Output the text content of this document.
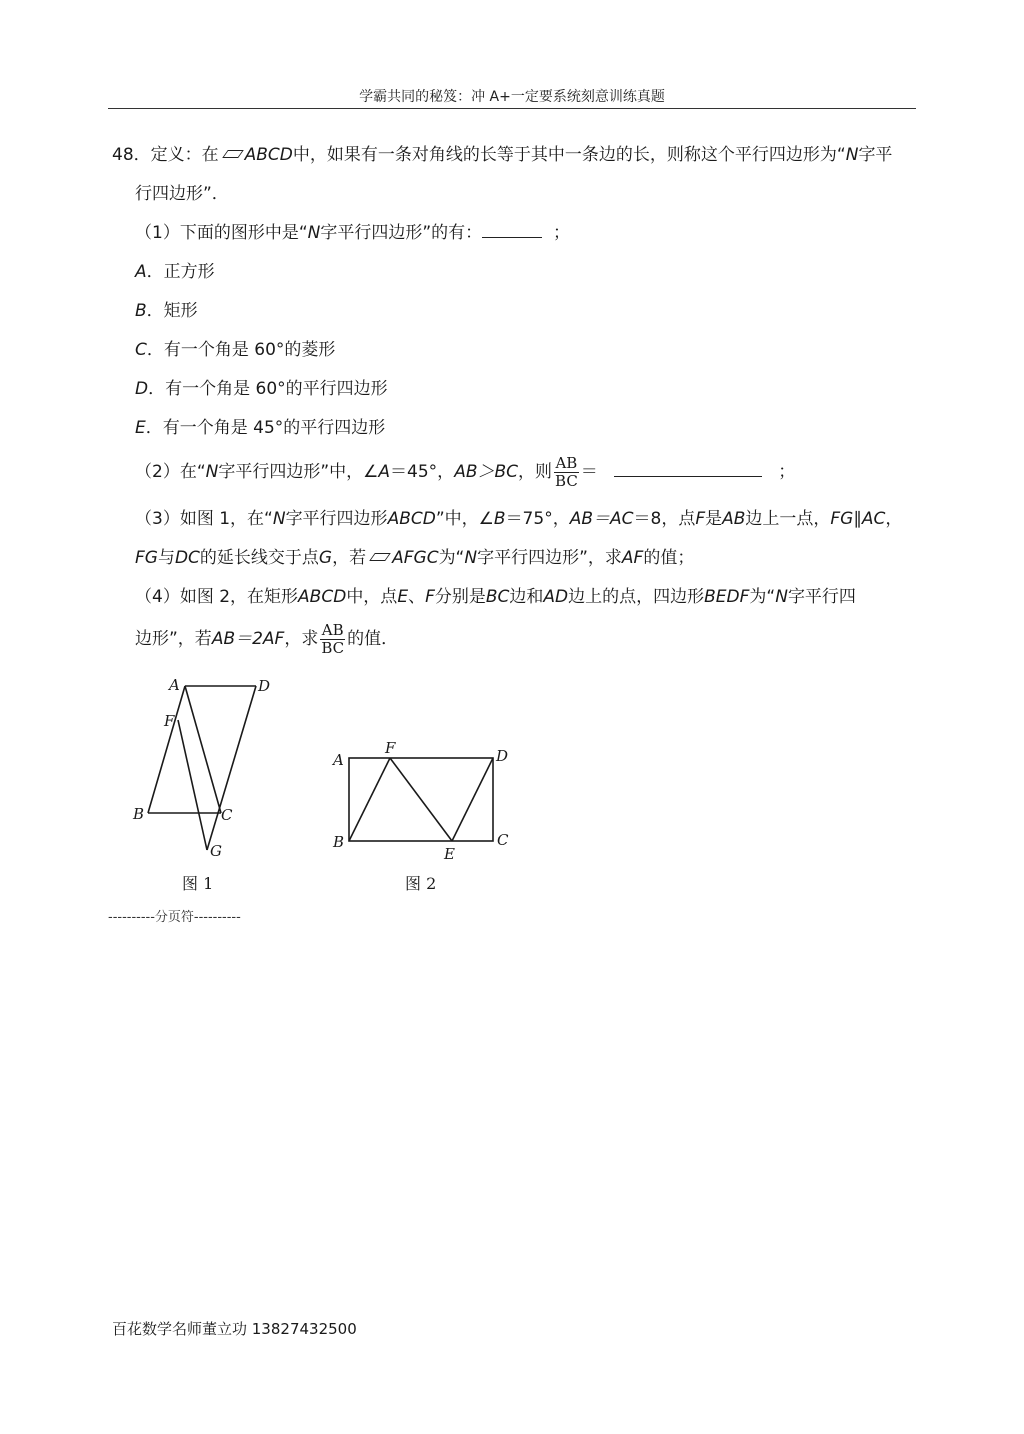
学霸共同的秘笈：冲 A+一定要系统刻意训练真题
48．定义：在 ABCD中，如果有一条对角线的长等于其中一条边的长，则称这个平行四边形为“N字平
行四边形”．
（1）下面的图形中是“N字平行四边形”的有：	；
A．正方形
B．矩形
C．有一个角是 60°的菱形
D．有一个角是 60°的平行四边形
E．有一个角是 45°的平行四边形
（2）在“N字平行四边形”中，∠A＝45°，AB＞BC，则 $\frac{AB}{BC}$ ＝	；
（3）如图 1，在“N字平行四边形ABCD”中，∠B＝75°，AB＝AC＝8，点F是AB边上一点，FG∥AC，
FG与DC的延长线交于点G，若 AFGC为“N字平行四边形”，求AF的值；
（4）如图 2，在矩形ABCD中，点E、F分别是BC边和AD边上的点，四边形BEDF为“N字平行四
边形”，若AB＝2AF，求 $\frac{AB}{BC}$ 的值．
A	D
F
B	C
G
图 1
A
F	D
B
E
C
图 2
----------分页符----------
百花数学名师董立功 13827432500
